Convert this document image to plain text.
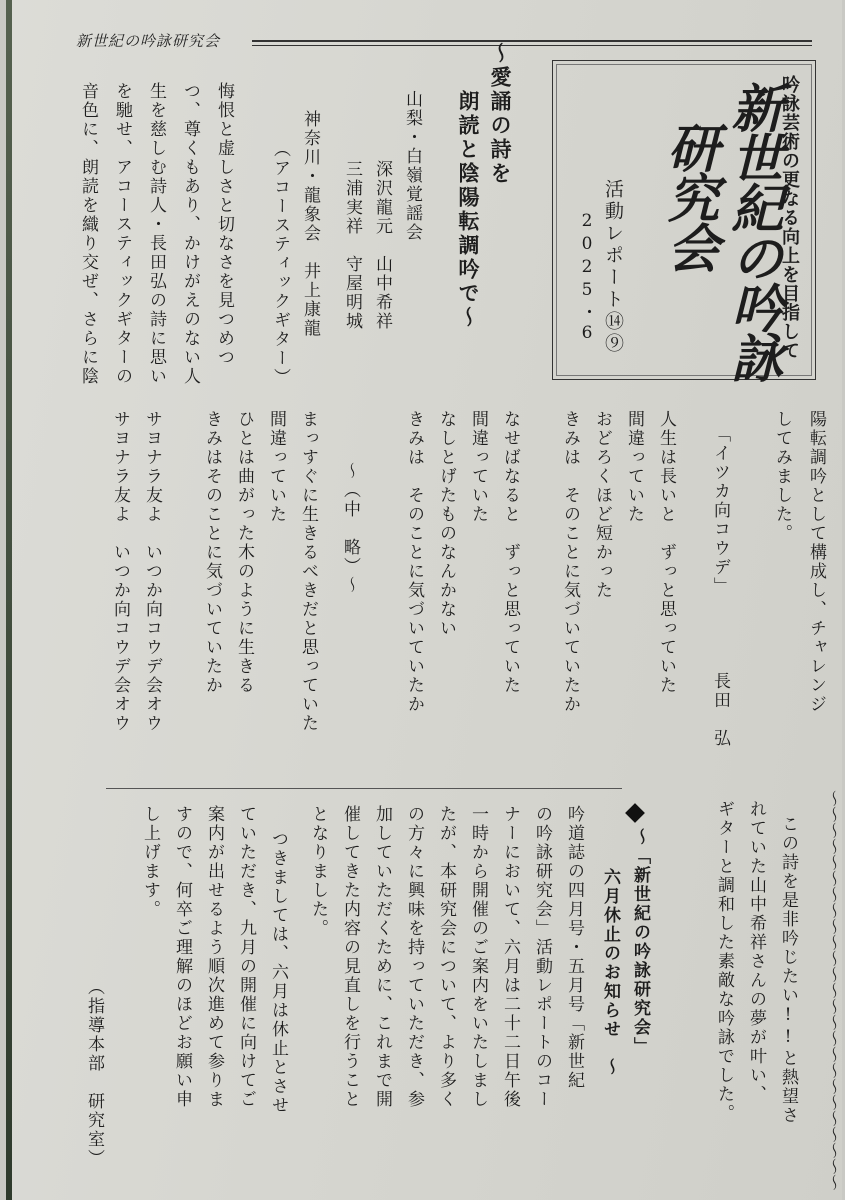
新世紀の吟詠研究会
吟詠芸術の更なる向上を目指して
新世紀の吟詠
研究会
活動レポート⑭⑨
2025・6
〜愛誦の詩を
朗読と陰陽転調吟で〜
山梨・白嶺覚謡会
深沢龍元　山中希祥
三浦実祥　守屋明城
神奈川・龍象会　井上康龍
（アコースティックギター）
悔恨と虚しさと切なさを見つめつ
つ、尊くもあり、かけがえのない人
生を慈しむ詩人・長田弘の詩に思い
を馳せ、アコースティックギターの
音色に、朗読を織り交ぜ、さらに陰
陽転調吟として構成し、チャレンジ
してみました。
「イツカ向コウデ」
長田　弘
人生は長いと　ずっと思っていた
間違っていた
おどろくほど短かった
きみは　そのことに気づいていたか
なせばなると　ずっと思っていた
間違っていた
なしとげたものなんかない
きみは　そのことに気づいていたか
〜（中　略）〜
まっすぐに生きるべきだと思っていた
間違っていた
ひとは曲がった木のように生きる
きみはそのことに気づいていたか
サヨナラ友よ　いつか向コウデ会オウ
サヨナラ友よ　いつか向コウデ会オウ
〜〜〜〜〜〜〜〜〜〜〜〜〜〜〜〜〜〜〜〜〜〜〜〜〜
この詩を是非吟じたい!!と熱望さ
れていた山中希祥さんの夢が叶い、
ギターと調和した素敵な吟詠でした。
〜「新世紀の吟詠研究会」
六月休止のお知らせ　〜
吟道誌の四月号・五月号「新世紀
の吟詠研究会」活動レポートのコー
ナーにおいて、六月は二十二日午後
一時から開催のご案内をいたしまし
たが、本研究会について、より多く
の方々に興味を持っていただき、参
加していただくために、これまで開
催してきた内容の見直しを行うこと
となりました。
つきましては、六月は休止とさせ
ていただき、九月の開催に向けてご
案内が出せるよう順次進めて参りま
すので、何卒ご理解のほどお願い申
し上げます。
（指導本部　研究室）
